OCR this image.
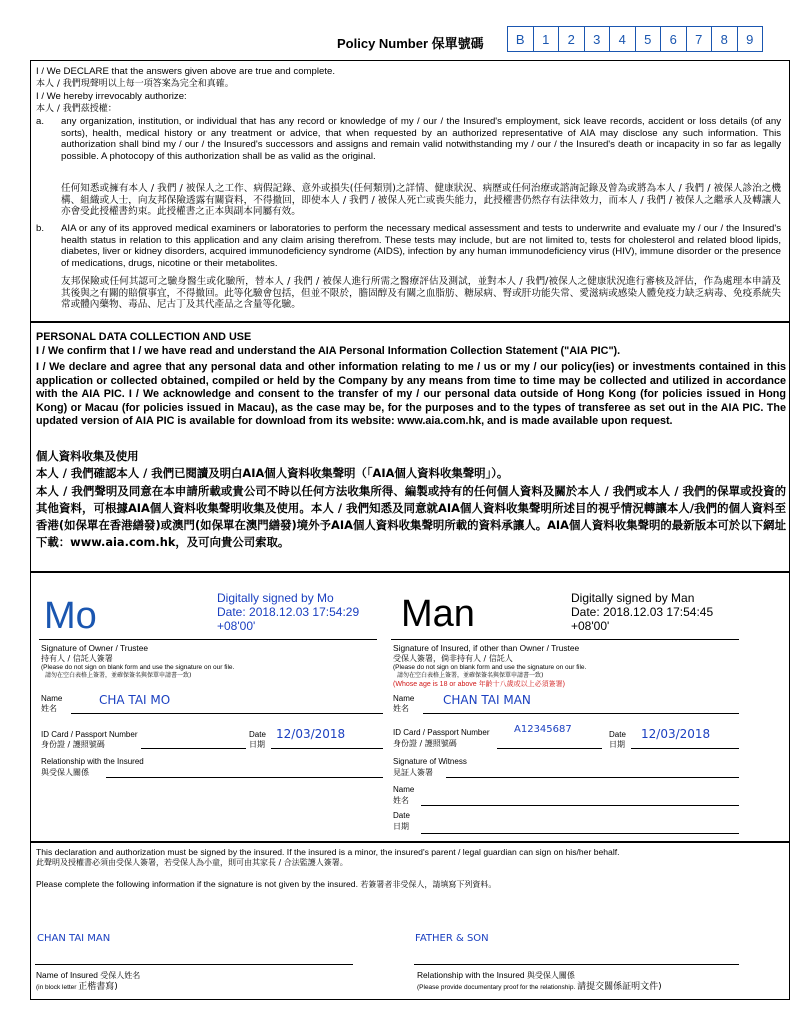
Policy Number 保單號碼	B	1	2	3	4	5	6	7	8	9
I / We DECLARE that the answers given above are true and complete.
本人 / 我們現聲明以上每一項答案為完全和真確。
I / We hereby irrevocably authorize:
本人 / 我們茲授權：
a. any organization, institution, or individual that has any record or knowledge of my / our / the Insured's employment, sick leave records, accident or loss details (of any sorts), health, medical history or any treatment or advice, that when requested by an authorized representative of AIA may disclose any such information. This authorization shall bind my / our / the Insured's successors and assigns and remain valid notwithstanding my / our / the Insured's death or incapacity in so far as legally possible. A photocopy of this authorization shall be as valid as the original.
任何知悉或擁有本人 / 我們 / 被保人之工作、病假記錄、意外或損失(任何類別)之詳情、健康狀況、病歷或任何治療或諮詢記錄及曾為或將為本人 / 我們 / 被保人診治之機構、組織或人士，向友邦保險透露有關資料，不得撤回，即使本人 / 我們 / 被保人死亡或喪失能力，此授權書仍然存有法律效力，而本人 / 我們 / 被保人之繼承人及轉讓人亦會受此授權書約束。此授權書之正本與副本同屬有效。
b. AIA or any of its approved medical examiners or laboratories to perform the necessary medical assessment and tests to underwrite and evaluate my / our / the Insured's health status in relation to this application and any claim arising therefrom. These tests may include, but are not limited to, tests for cholesterol and related blood lipids, diabetes, liver or kidney disorders, acquired immunodeficiency syndrome (AIDS), infection by any human immunodeficiency virus (HIV), immune disorder or the presence of medications, drugs, nicotine or their metabolites.
友邦保險或任何其認可之驗身醫生或化驗所，替本人 / 我們 / 被保人進行所需之醫療評估及測試，並對本人 / 我們/被保人之健康狀況進行審核及評估，作為處理本申請及其後與之有關的賠償事宜，不得撤回。此等化驗會包括，但並不限於，膽固醇及有關之血脂肪、糖尿病、腎或肝功能失常、愛滋病或感染人體免疫力缺乏病毒、免疫系統失常或體內藥物、毒品、尼古丁及其代產品之含量等化驗。
PERSONAL DATA COLLECTION AND USE
I / We confirm that I / we have read and understand the AIA Personal Information Collection Statement ("AIA PIC").
I / We declare and agree that any personal data and other information relating to me / us or my / our policy(ies) or investments contained in this application or collected obtained, compiled or held by the Company by any means from time to time may be collected and utilized in accordance with the AIA PIC. I / We acknowledge and consent to the transfer of my / our personal data outside of Hong Kong (for policies issued in Hong Kong) or Macau (for policies issued in Macau), as the case may be, for the purposes and to the types of transferee as set out in the AIA PIC. The updated version of AIA PIC is available for download from its website: www.aia.com.hk, and is made available upon request.
個人資料收集及使用
本人 / 我們確認本人 / 我們已閱讀及明白AIA個人資料收集聲明（「AIA個人資料收集聲明」）。
本人 / 我們聲明及同意在本申請所載或貴公司不時以任何方法收集所得、編製或持有的任何個人資料及關於本人 / 我們或本人 / 我們的保單或投資的其他資料，可根據AIA個人資料收集聲明收集及使用。本人 / 我們知悉及同意就AIA個人資料收集聲明所述目的視乎情況轉讓本人/我們的個人資料至香港(如保單在香港繕發)或澳門(如保單在澳門繕發)境外予AIA個人資料收集聲明所載的資料承讓人。AIA個人資料收集聲明的最新版本可於以下網址下載：www.aia.com.hk，及可向貴公司索取。
Mo	Digitally signed by Mo
Date: 2018.12.03 17:54:29
+08'00'
Signature of Owner / Trustee
持有人 / 信託人簽署
(Please do not sign on blank form and use the signature on our file.
請勿在空白表格上簽署，並確保簽名與保單申請書一致)
Name
姓名
CHA TAI MO
ID Card / Passport Number
身份證 / 護照號碼
Date
日期
12/03/2018
Relationship with the Insured
與受保人關係
Man	Digitally signed by Man
Date: 2018.12.03 17:54:45
+08'00'
Signature of Insured, if other than Owner / Trustee
受保人簽署，倘非持有人 / 信託人
(Please do not sign on blank form and use the signature on our file.
請勿在空白表格上簽署，並確保簽名與保單申請書一致)
(Whose age is 18 or above 年齡十八歲或以上必須簽署)
Name
姓名
CHAN TAI MAN
ID Card / Passport Number A12345687
身份證 / 護照號碼
Date
日期
12/03/2018
Signature of Witness
見証人簽署
Name
姓名
Date
日期
This declaration and authorization must be signed by the insured. If the insured is a minor, the insured's parent / legal guardian can sign on his/her behalf.
此聲明及授權書必須由受保人簽署，若受保人為小童，則可由其家長 / 合法監護人簽署。
Please complete the following information if the signature is not given by the insured. 若簽署者非受保人，請填寫下列資料。
CHAN TAI MAN
Name of Insured 受保人姓名
(in block letter 正楷書寫)
FATHER & SON
Relationship with the Insured 與受保人關係
(Please provide documentary proof for the relationship. 請提交關係証明文件)
